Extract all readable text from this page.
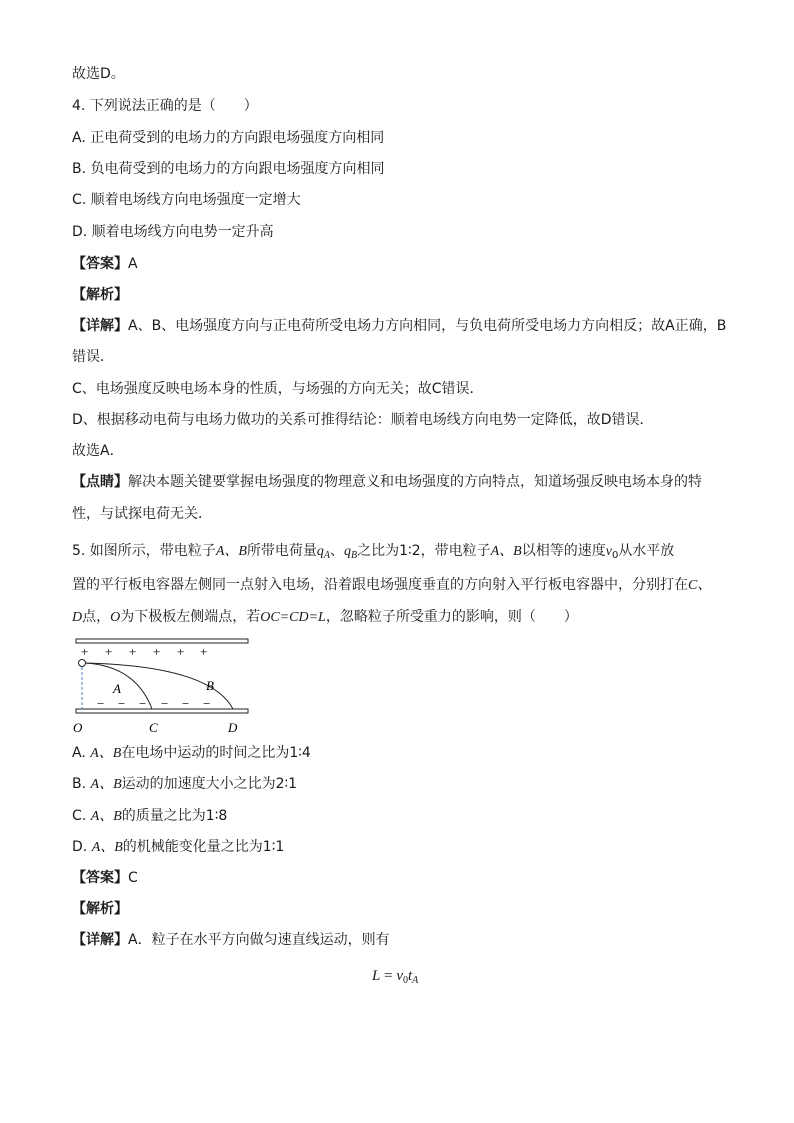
故选D。
4. 下列说法正确的是（　　）
A. 正电荷受到的电场力的方向跟电场强度方向相同
B. 负电荷受到的电场力的方向跟电场强度方向相同
C. 顺着电场线方向电场强度一定增大
D. 顺着电场线方向电势一定升高
【答案】A
【解析】
【详解】A、B、电场强度方向与正电荷所受电场力方向相同，与负电荷所受电场力方向相反；故A正确，B
错误．
C、电场强度反映电场本身的性质，与场强的方向无关；故C错误．
D、根据移动电荷与电场力做功的关系可推得结论：顺着电场线方向电势一定降低，故D错误．
故选A．
【点睛】解决本题关键要掌握电场强度的物理意义和电场强度的方向特点，知道场强反映电场本身的特
性，与试探电荷无关．
5. 如图所示，带电粒子A、B所带电荷量$q_A$、$q_B$之比为1∶2，带电粒子A、B以相等的速度$v_0$从水平放
置的平行板电容器左侧同一点射入电场，沿着跟电场强度垂直的方向射入平行板电容器中，分别打在C、
D点，O为下极板左侧端点，若OC=CD=L，忽略粒子所受重力的影响，则（　　）
+ + + + + +
− − − − − −
A	B
O	C	D
A. A、B在电场中运动的时间之比为1∶4
B. A、B运动的加速度大小之比为2∶1
C. A、B的质量之比为1∶8
D. A、B的机械能变化量之比为1∶1
【答案】C
【解析】
【详解】A．粒子在水平方向做匀速直线运动，则有
$L = v_0t_A$
